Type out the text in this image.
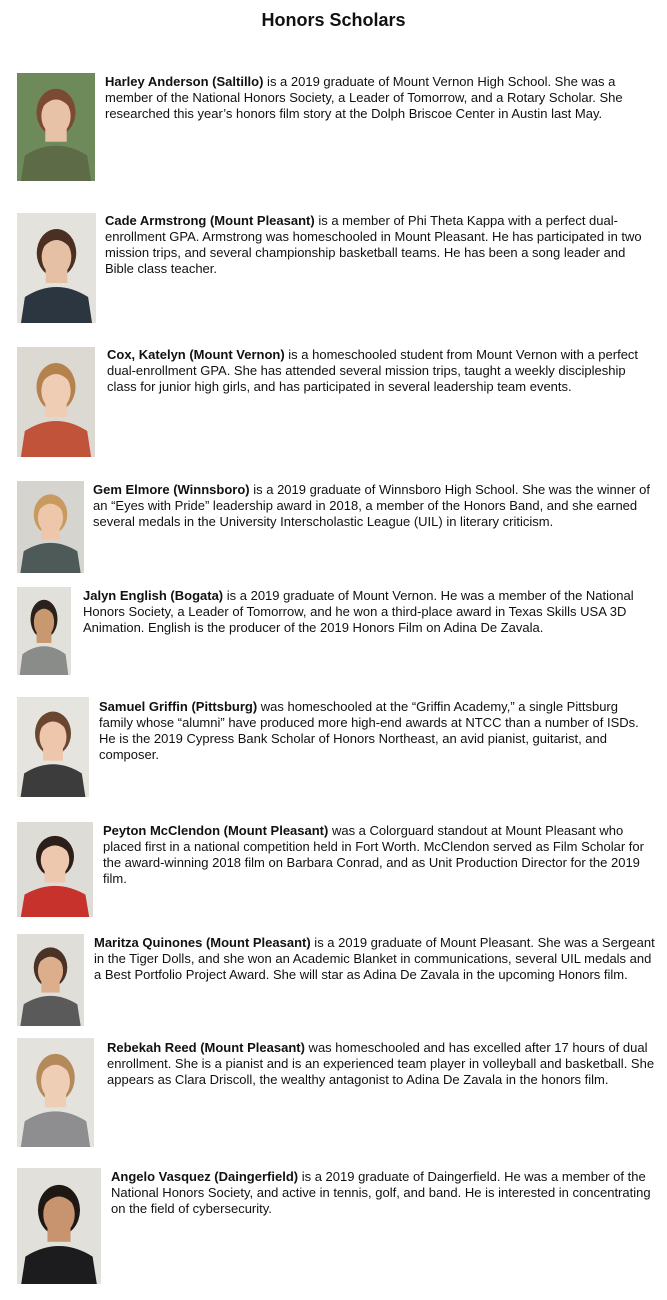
Honors Scholars

Harley Anderson (Saltillo) is a 2019 graduate of Mount Vernon High School. She was a member of the National Honors Society, a Leader of Tomorrow, and a Rotary Scholar. She researched this year’s honors film story at the Dolph Briscoe Center in Austin last May.

Cade Armstrong (Mount Pleasant) is a member of Phi Theta Kappa with a perfect dual-enrollment GPA. Armstrong was homeschooled in Mount Pleasant. He has participated in two mission trips, and several championship basketball teams. He has been a song leader and Bible class teacher.

Cox, Katelyn (Mount Vernon) is a homeschooled student from Mount Vernon with a perfect dual-enrollment GPA. She has attended several mission trips, taught a weekly discipleship class for junior high girls, and has participated in several leadership team events.

Gem Elmore (Winnsboro) is a 2019 graduate of Winnsboro High School. She was the winner of an “Eyes with Pride” leadership award in 2018, a member of the Honors Band, and she earned several medals in the University Interscholastic League (UIL) in literary criticism.

Jalyn English (Bogata) is a 2019 graduate of Mount Vernon. He was a member of the National Honors Society, a Leader of Tomorrow, and he won a third-place award in Texas Skills USA 3D Animation. English is the producer of the 2019 Honors Film on Adina De Zavala.

Samuel Griffin (Pittsburg) was homeschooled at the “Griffin Academy,” a single Pittsburg family whose “alumni” have produced more high-end awards at NTCC than a number of ISDs. He is the 2019 Cypress Bank Scholar of Honors Northeast, an avid pianist, guitarist, and composer.

Peyton McClendon (Mount Pleasant) was a Colorguard standout at Mount Pleasant who placed first in a national competition held in Fort Worth. McClendon served as Film Scholar for the award-winning 2018 film on Barbara Conrad, and as Unit Production Director for the 2019 film.

Maritza Quinones (Mount Pleasant) is a 2019 graduate of Mount Pleasant. She was a Sergeant in the Tiger Dolls, and she won an Academic Blanket in communications, several UIL medals and a Best Portfolio Project Award. She will star as Adina De Zavala in the upcoming Honors film.

Rebekah Reed (Mount Pleasant) was homeschooled and has excelled after 17 hours of dual enrollment. She is a pianist and is an experienced team player in volleyball and basketball. She appears as Clara Driscoll, the wealthy antagonist to Adina De Zavala in the honors film.

Angelo Vasquez (Daingerfield) is a 2019 graduate of Daingerfield. He was a member of the National Honors Society, and active in tennis, golf, and band. He is interested in concentrating on the field of cybersecurity.
